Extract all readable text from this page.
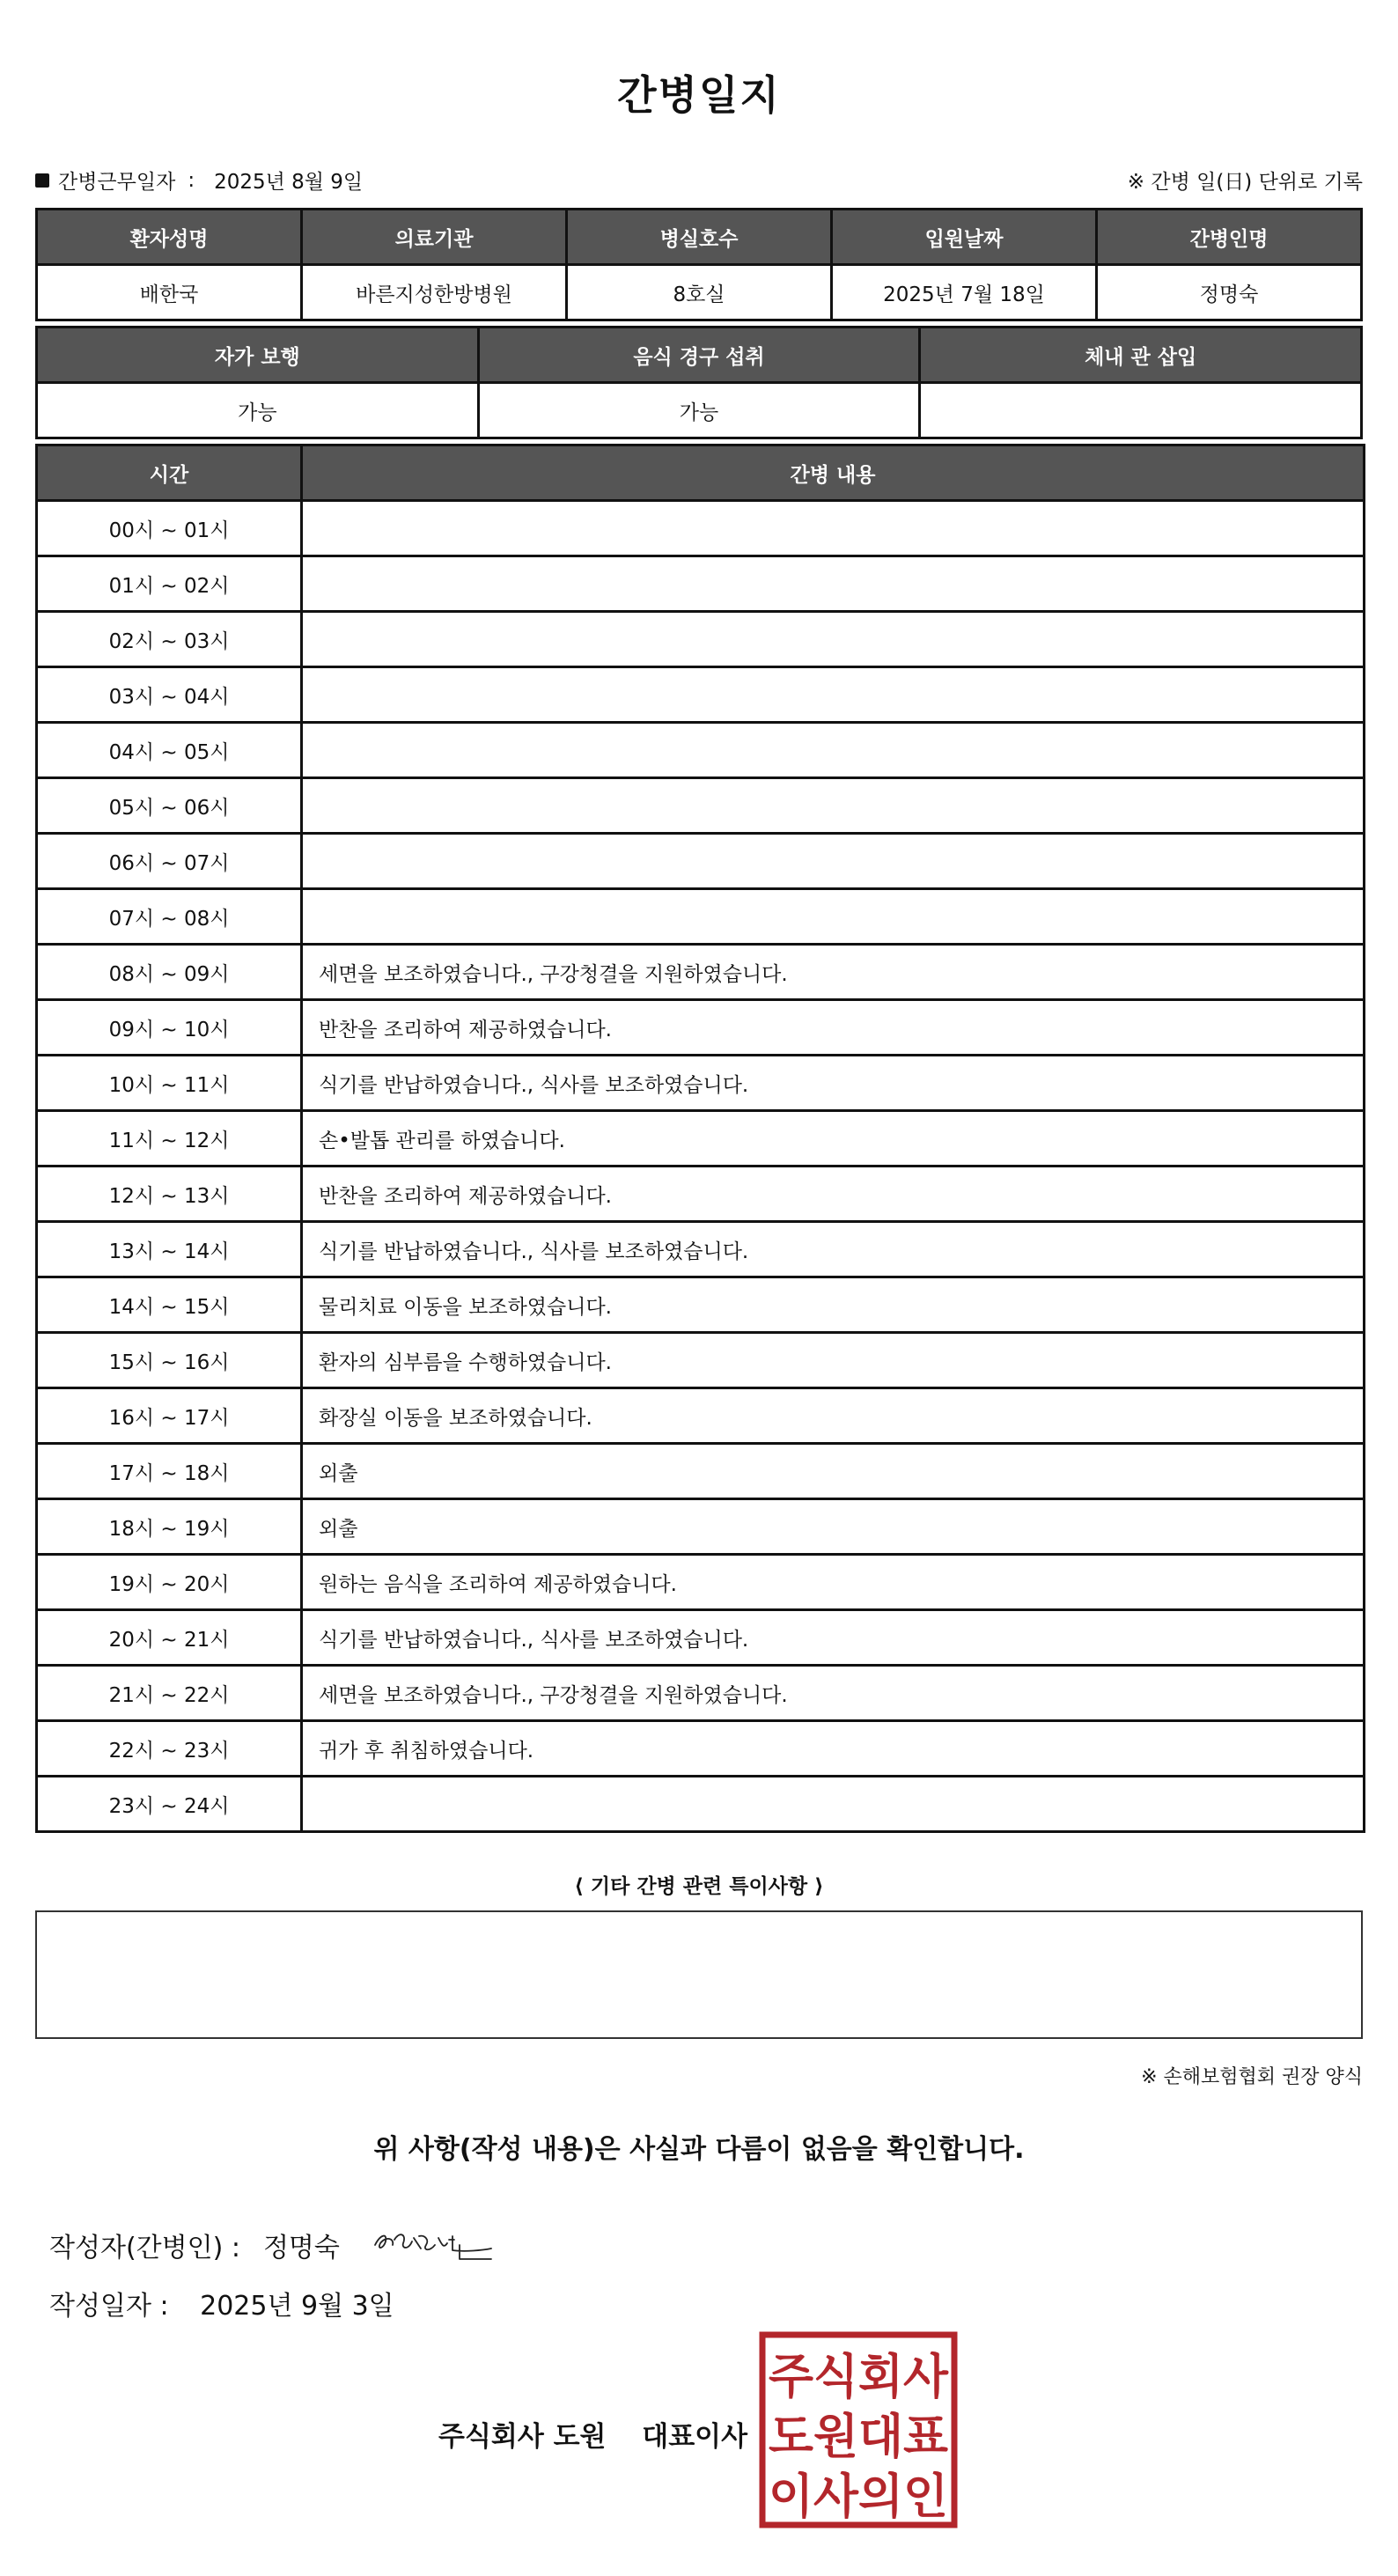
간병일지
간병근무일자 : 2025년 8월 9일	※ 간병 일(日) 단위로 기록
환자성명	의료기관	병실호수	입원날짜	간병인명
배한국	바른지성한방병원	8호실	2025년 7월 18일	정명숙
자가 보행	음식 경구 섭취	체내 관 삽입
가능	가능	
시간	간병 내용
00시 ~ 01시	
01시 ~ 02시	
02시 ~ 03시	
03시 ~ 04시	
04시 ~ 05시	
05시 ~ 06시	
06시 ~ 07시	
07시 ~ 08시	
08시 ~ 09시	세면을 보조하였습니다., 구강청결을 지원하였습니다.
09시 ~ 10시	반찬을 조리하여 제공하였습니다.
10시 ~ 11시	식기를 반납하였습니다., 식사를 보조하였습니다.
11시 ~ 12시	손•발톱 관리를 하였습니다.
12시 ~ 13시	반찬을 조리하여 제공하였습니다.
13시 ~ 14시	식기를 반납하였습니다., 식사를 보조하였습니다.
14시 ~ 15시	물리치료 이동을 보조하였습니다.
15시 ~ 16시	환자의 심부름을 수행하였습니다.
16시 ~ 17시	화장실 이동을 보조하였습니다.
17시 ~ 18시	외출
18시 ~ 19시	외출
19시 ~ 20시	원하는 음식을 조리하여 제공하였습니다.
20시 ~ 21시	식기를 반납하였습니다., 식사를 보조하였습니다.
21시 ~ 22시	세면을 보조하였습니다., 구강청결을 지원하였습니다.
22시 ~ 23시	귀가 후 취침하였습니다.
23시 ~ 24시	
⟨ 기타 간병 관련 특이사항 ⟩
※ 손해보험협회 권장 양식
위 사항(작성 내용)은 사실과 다름이 없음을 확인합니다.
작성자(간병인) : 정명숙
작성일자 : 2025년 9월 3일
주식회사 도원 대표이사
주식회사
도원대표
이사의인
